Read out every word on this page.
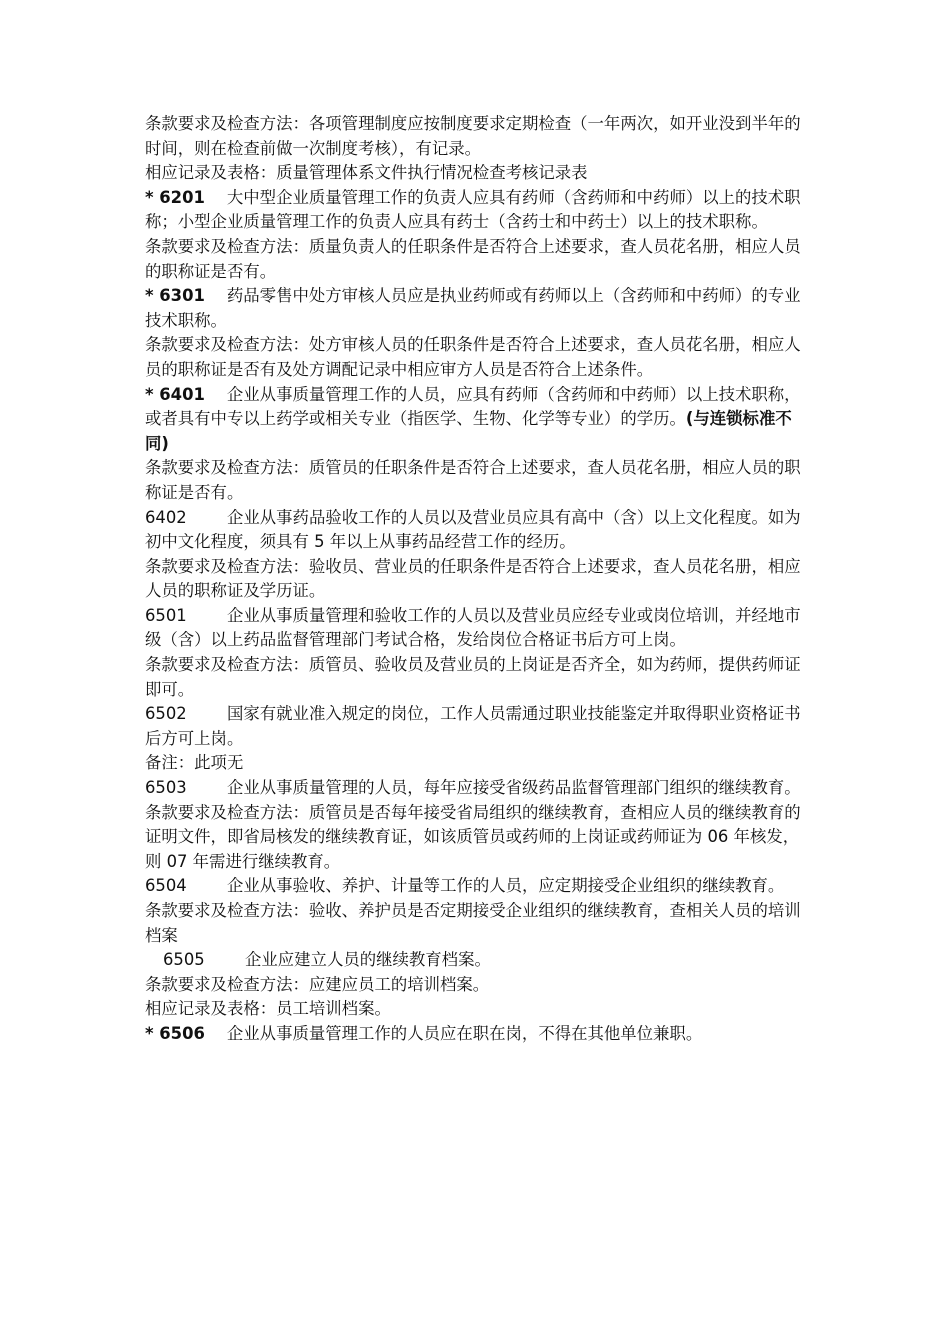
条款要求及检查方法：各项管理制度应按制度要求定期检查（一年两次，如开业没到半年的时间，则在检查前做一次制度考核），有记录。

相应记录及表格：质量管理体系文件执行情况检查考核记录表

* 6201 大中型企业质量管理工作的负责人应具有药师（含药师和中药师）以上的技术职称；小型企业质量管理工作的负责人应具有药士（含药士和中药士）以上的技术职称。

条款要求及检查方法：质量负责人的任职条件是否符合上述要求，查人员花名册，相应人员的职称证是否有。

* 6301 药品零售中处方审核人员应是执业药师或有药师以上（含药师和中药师）的专业技术职称。

条款要求及检查方法：处方审核人员的任职条件是否符合上述要求，查人员花名册，相应人员的职称证是否有及处方调配记录中相应审方人员是否符合上述条件。

* 6401 企业从事质量管理工作的人员，应具有药师（含药师和中药师）以上技术职称，或者具有中专以上药学或相关专业（指医学、生物、化学等专业）的学历。(与连锁标准不同)

条款要求及检查方法：质管员的任职条件是否符合上述要求，查人员花名册，相应人员的职称证是否有。

6402 企业从事药品验收工作的人员以及营业员应具有高中（含）以上文化程度。如为初中文化程度，须具有 5 年以上从事药品经营工作的经历。

条款要求及检查方法：验收员、营业员的任职条件是否符合上述要求，查人员花名册，相应人员的职称证及学历证。

6501 企业从事质量管理和验收工作的人员以及营业员应经专业或岗位培训，并经地市级（含）以上药品监督管理部门考试合格，发给岗位合格证书后方可上岗。

条款要求及检查方法：质管员、验收员及营业员的上岗证是否齐全，如为药师，提供药师证即可。

6502 国家有就业准入规定的岗位，工作人员需通过职业技能鉴定并取得职业资格证书后方可上岗。

备注：此项无

6503 企业从事质量管理的人员，每年应接受省级药品监督管理部门组织的继续教育。

条款要求及检查方法：质管员是否每年接受省局组织的继续教育，查相应人员的继续教育的证明文件，即省局核发的继续教育证，如该质管员或药师的上岗证或药师证为 06 年核发，则 07 年需进行继续教育。

6504 企业从事验收、养护、计量等工作的人员，应定期接受企业组织的继续教育。

条款要求及检查方法：验收、养护员是否定期接受企业组织的继续教育，查相关人员的培训档案

6505 企业应建立人员的继续教育档案。

条款要求及检查方法：应建应员工的培训档案。

相应记录及表格：员工培训档案。

* 6506 企业从事质量管理工作的人员应在职在岗，不得在其他单位兼职。
